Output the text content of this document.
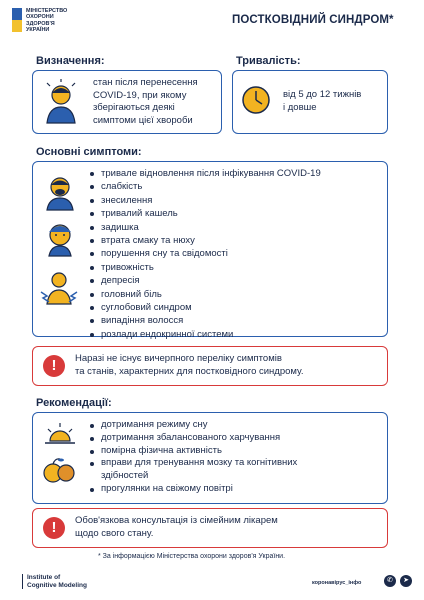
МІНІСТЕРСТВО
ОХОРОНИ
ЗДОРОВ'Я
УКРАЇНИ
ПОСТКОВІДНИЙ СИНДРОМ*
Визначення:
стан після перенесення
COVID-19, при якому
зберігаються деякі
симптоми цієї хвороби
Тривалість:
від 5 до 12 тижнів
і довше
Основні симптоми:
тривале відновлення після інфікування COVID-19
слабкість
знесилення
тривалий кашель
задишка
втрата смаку та нюху
порушення сну та свідомості
тривожність
депресія
головний біль
суглобовий синдром
випадіння волосся
розлади ендокринної системи
!	Наразі не існує вичерпного переліку симптомів
та станів, характерних для постковідного синдрому.
Рекомендації:
дотримання режиму сну
дотримання збалансованого харчування
помірна фізична активність
вправи для тренування мозку та когнітивних здібностей
прогулянки на свіжому повітрі
!	Обов'язкова консультація із сімейним лікарем
щодо свого стану.
* За інформацією Міністерства охорони здоров'я України.
Institute of
Cognitive Modeling	коронавірус_інфо	✆	➤
